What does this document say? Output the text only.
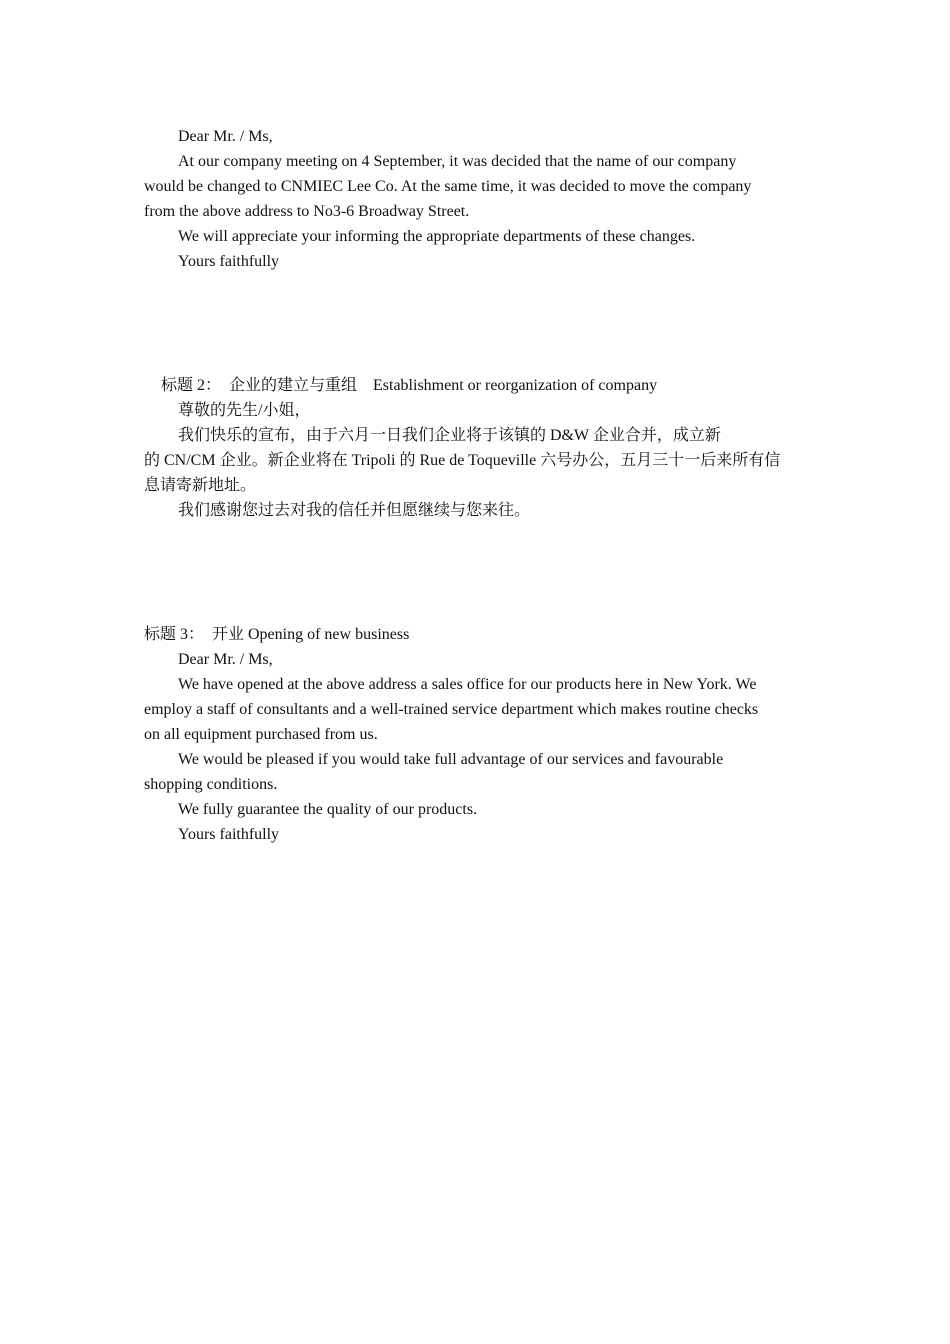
Dear Mr. / Ms,
At our company meeting on 4 September, it was decided that the name of our company
would be changed to CNMIEC Lee Co. At the same time, it was decided to move the company
from the above address to No3-6 Broadway Street.
We will appreciate your informing the appropriate departments of these changes.
Yours faithfully
标题 2：  企业的建立与重组    Establishment or reorganization of company
尊敬的先生/小姐，
我们快乐的宣布，由于六月一日我们企业将于该镇的 D&W 企业合并，成立新
的 CN/CM 企业。新企业将在 Tripoli 的 Rue de Toqueville 六号办公，五月三十一后来所有信
息请寄新地址。
我们感谢您过去对我的信任并但愿继续与您来往。
标题 3：  开业 Opening of new business
Dear Mr. / Ms,
We have opened at the above address a sales office for our products here in New York. We
employ a staff of consultants and a well-trained service department which makes routine checks
on all equipment purchased from us.
We would be pleased if you would take full advantage of our services and favourable
shopping conditions.
We fully guarantee the quality of our products.
Yours faithfully
